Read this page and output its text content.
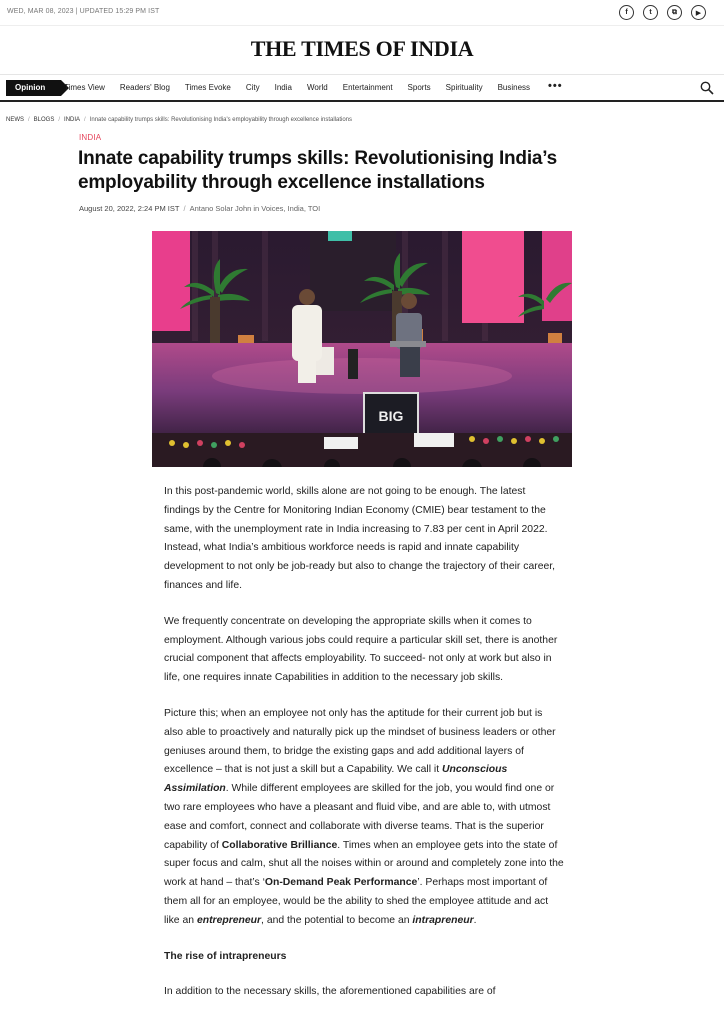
WED, MAR 08, 2023 | UPDATED 15:29 PM IST	f	t	⧉	▶
THE TIMES OF INDIA
Opinion	Times View Readers' Blog Times Evoke City India World Entertainment Sports Spirituality Business •••
NEWS / BLOGS / INDIA / Innate capability trumps skills: Revolutionising India's employability through excellence installations
INDIA
Innate capability trumps skills: Revolutionising India’s employability through excellence installations
August 20, 2022, 2:24 PM IST / Antano Solar John in Voices, India, TOI
BIG

In this post-pandemic world, skills alone are not going to be enough. The latest findings by the Centre for Monitoring Indian Economy (CMIE) bear testament to the same, with the unemployment rate in India increasing to 7.83 per cent in April 2022. Instead, what India’s ambitious workforce needs is rapid and innate capability development to not only be job-ready but also to change the trajectory of their career, finances and life.

We frequently concentrate on developing the appropriate skills when it comes to employment. Although various jobs could require a particular skill set, there is another crucial component that affects employability. To succeed- not only at work but also in life, one requires innate Capabilities in addition to the necessary job skills.

Picture this; when an employee not only has the aptitude for their current job but is also able to proactively and naturally pick up the mindset of business leaders or other geniuses around them, to bridge the existing gaps and add additional layers of excellence – that is not just a skill but a Capability. We call it Unconscious Assimilation. While different employees are skilled for the job, you would find one or two rare employees who have a pleasant and fluid vibe, and are able to, with utmost ease and comfort, connect and collaborate with diverse teams. That is the superior capability of Collaborative Brilliance. Times when an employee gets into the state of super focus and calm, shut all the noises within or around and completely zone into the work at hand – that’s ‘On-Demand Peak Performance’. Perhaps most important of them all for an employee, would be the ability to shed the employee attitude and act like an entrepreneur, and the potential to become an intrapreneur.

The rise of intrapreneurs

In addition to the necessary skills, the aforementioned capabilities are of
